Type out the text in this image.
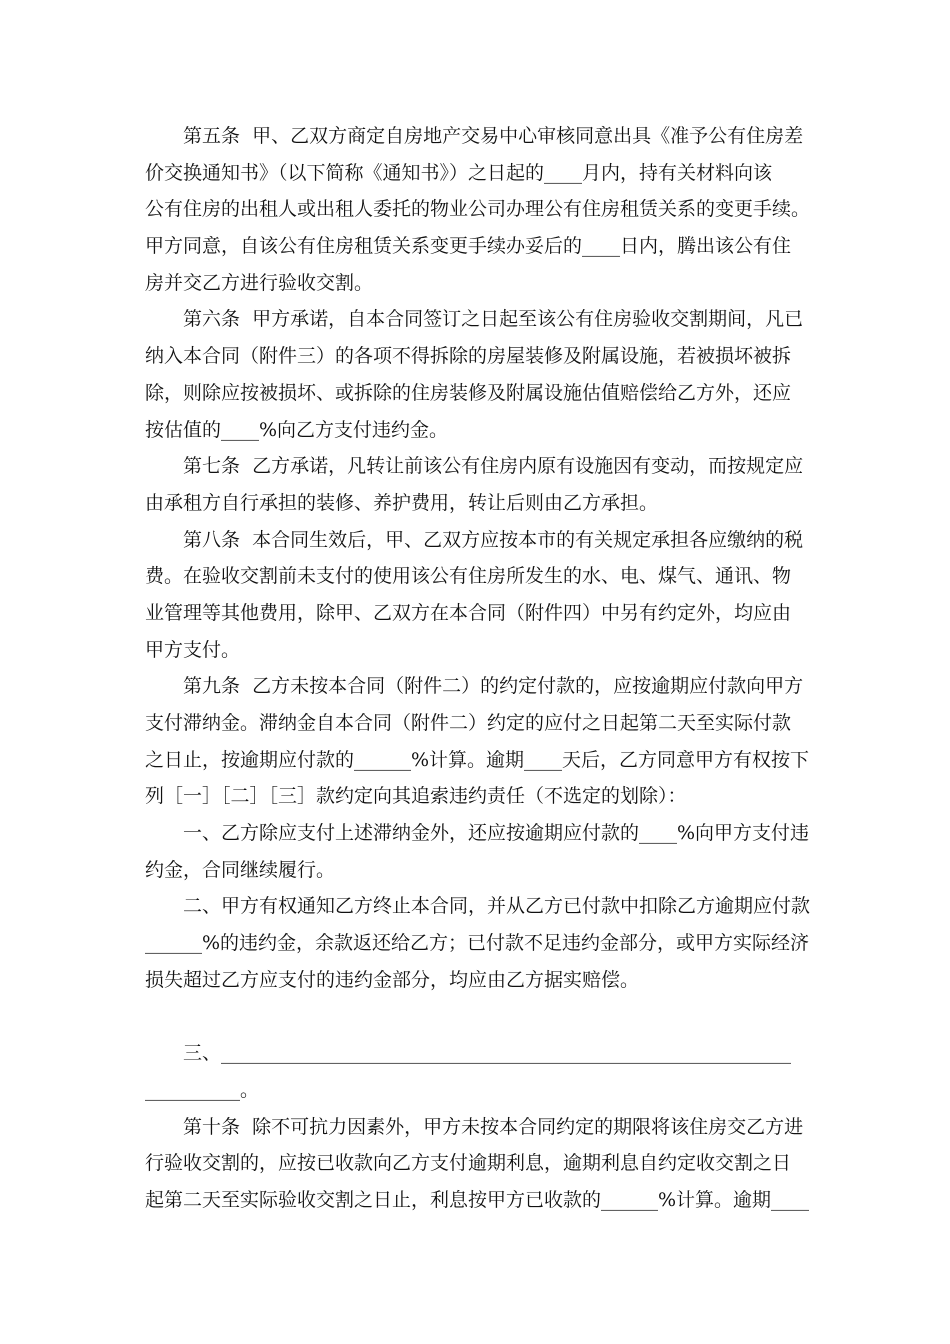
　　第五条  甲、乙双方商定自房地产交易中心审核同意出具《准予公有住房差
价交换通知书》（以下简称《通知书》）之日起的____月内，持有关材料向该
公有住房的出租人或出租人委托的物业公司办理公有住房租赁关系的变更手续。
甲方同意，自该公有住房租赁关系变更手续办妥后的____日内，腾出该公有住
房并交乙方进行验收交割。
　　第六条  甲方承诺，自本合同签订之日起至该公有住房验收交割期间，凡已
纳入本合同（附件三）的各项不得拆除的房屋装修及附属设施，若被损坏被拆
除，则除应按被损坏、或拆除的住房装修及附属设施估值赔偿给乙方外，还应
按估值的____%向乙方支付违约金。
　　第七条  乙方承诺，凡转让前该公有住房内原有设施因有变动，而按规定应
由承租方自行承担的装修、养护费用，转让后则由乙方承担。
　　第八条  本合同生效后，甲、乙双方应按本市的有关规定承担各应缴纳的税
费。在验收交割前未支付的使用该公有住房所发生的水、电、煤气、通讯、物
业管理等其他费用，除甲、乙双方在本合同（附件四）中另有约定外，均应由
甲方支付。
　　第九条  乙方未按本合同（附件二）的约定付款的，应按逾期应付款向甲方
支付滞纳金。滞纳金自本合同（附件二）约定的应付之日起第二天至实际付款
之日止，按逾期应付款的______%计算。逾期____天后，乙方同意甲方有权按下
列［一］［二］［三］款约定向其追索违约责任（不选定的划除）：
　　一、乙方除应支付上述滞纳金外，还应按逾期应付款的____%向甲方支付违
约金，合同继续履行。
　　二、甲方有权通知乙方终止本合同，并从乙方已付款中扣除乙方逾期应付款
______%的违约金，余款返还给乙方；已付款不足违约金部分，或甲方实际经济
损失超过乙方应支付的违约金部分，均应由乙方据实赔偿。
　　三、____________________________________________________________
__________。
　　第十条  除不可抗力因素外，甲方未按本合同约定的期限将该住房交乙方进
行验收交割的，应按已收款向乙方支付逾期利息，逾期利息自约定收交割之日
起第二天至实际验收交割之日止，利息按甲方已收款的______%计算。逾期____
